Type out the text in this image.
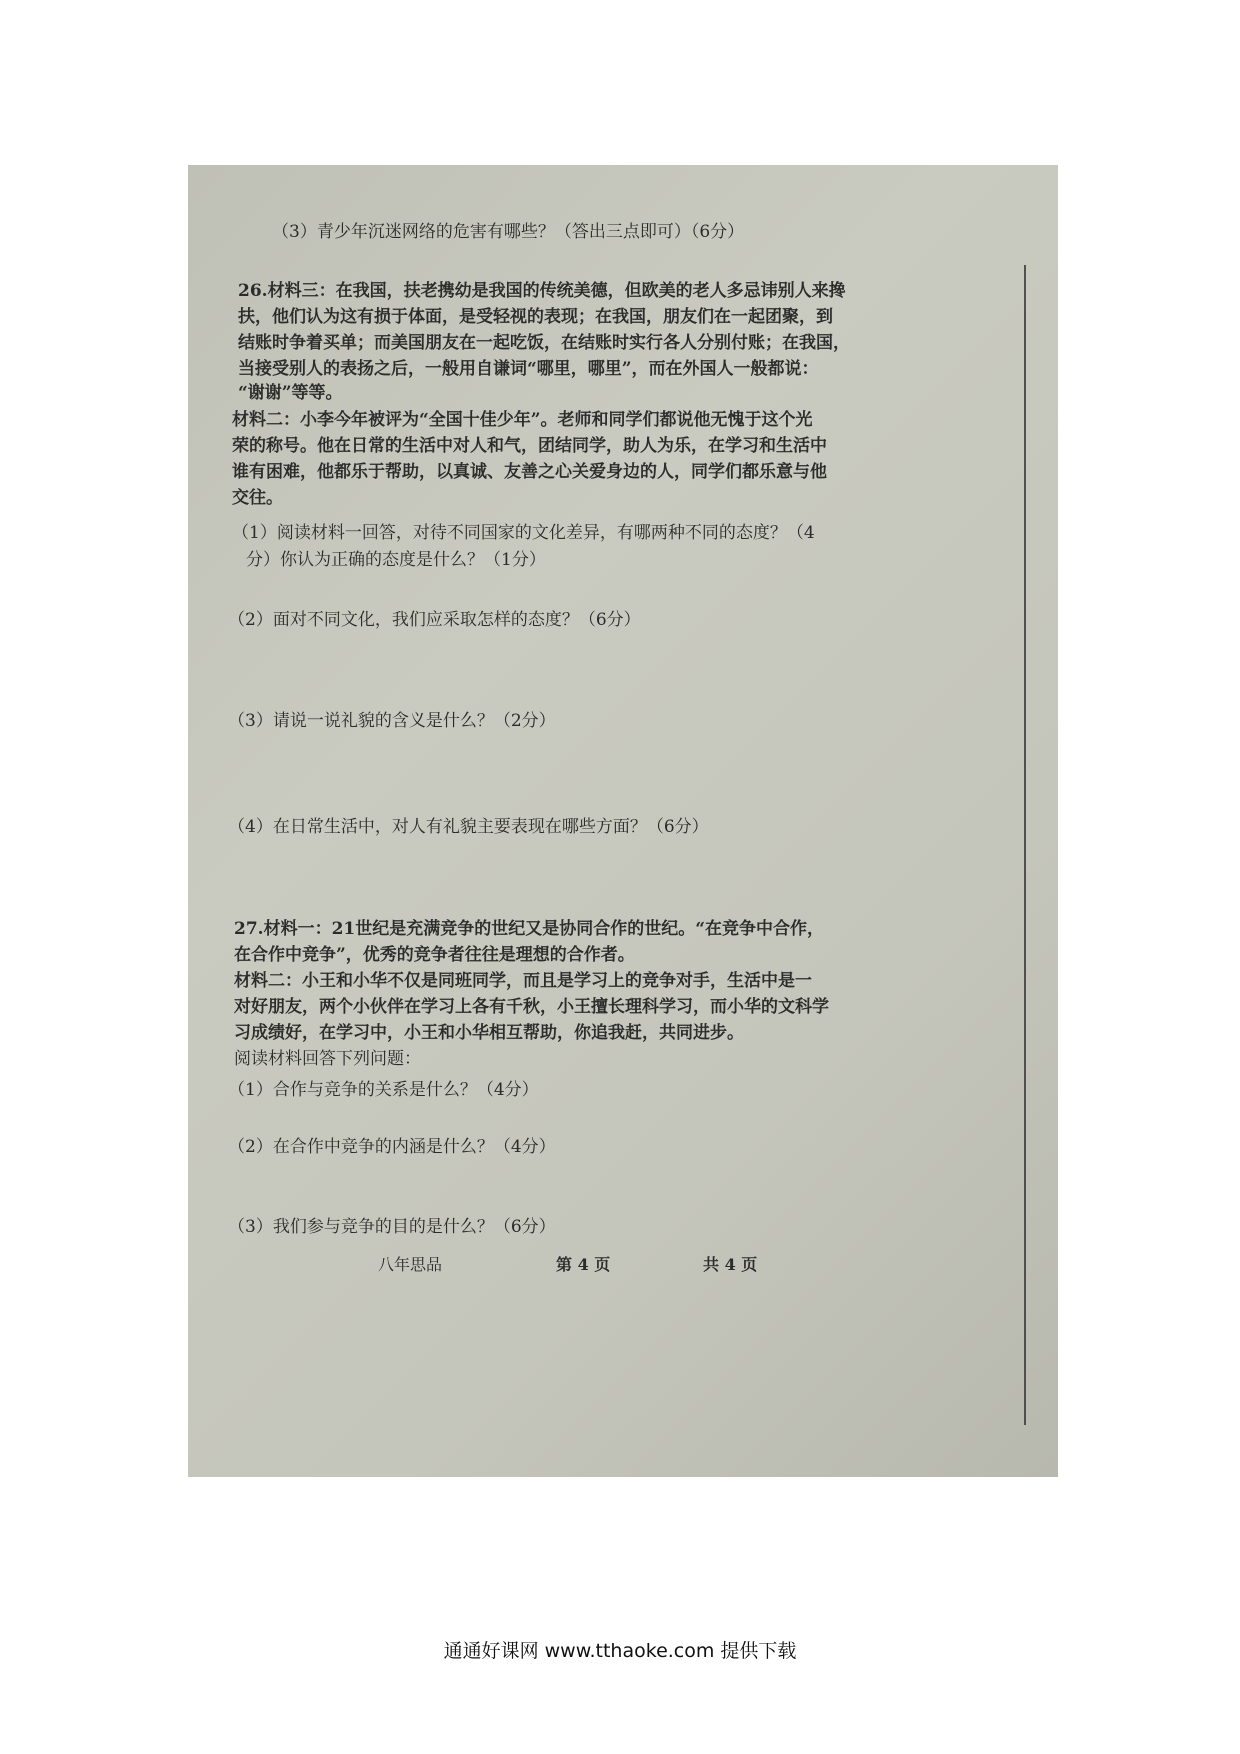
（3）青少年沉迷网络的危害有哪些？（答出三点即可）（6分）
26.材料三：在我国，扶老携幼是我国的传统美德，但欧美的老人多忌讳别人来搀
扶，他们认为这有损于体面，是受轻视的表现；在我国，朋友们在一起团聚，到
结账时争着买单；而美国朋友在一起吃饭，在结账时实行各人分别付账；在我国，
当接受别人的表扬之后，一般用自谦词“哪里，哪里”，而在外国人一般都说：
“谢谢”等等。
材料二：小李今年被评为“全国十佳少年”。老师和同学们都说他无愧于这个光
荣的称号。他在日常的生活中对人和气，团结同学，助人为乐，在学习和生活中
谁有困难，他都乐于帮助，以真诚、友善之心关爱身边的人，同学们都乐意与他
交往。
（1）阅读材料一回答，对待不同国家的文化差异，有哪两种不同的态度？（4
分）你认为正确的态度是什么？（1分）
（2）面对不同文化，我们应采取怎样的态度？（6分）
（3）请说一说礼貌的含义是什么？（2分）
（4）在日常生活中，对人有礼貌主要表现在哪些方面？（6分）
27.材料一：21世纪是充满竞争的世纪又是协同合作的世纪。“在竞争中合作，
在合作中竞争”，优秀的竞争者往往是理想的合作者。
材料二：小王和小华不仅是同班同学，而且是学习上的竞争对手，生活中是一
对好朋友，两个小伙伴在学习上各有千秋，小王擅长理科学习，而小华的文科学
习成绩好，在学习中，小王和小华相互帮助，你追我赶，共同进步。
阅读材料回答下列问题：
（1）合作与竞争的关系是什么？（4分）
（2）在合作中竞争的内涵是什么？（4分）
（3）我们参与竞争的目的是什么？（6分）
八年思品	第 4 页	共 4 页
通通好课网 www.tthaoke.com 提供下载
